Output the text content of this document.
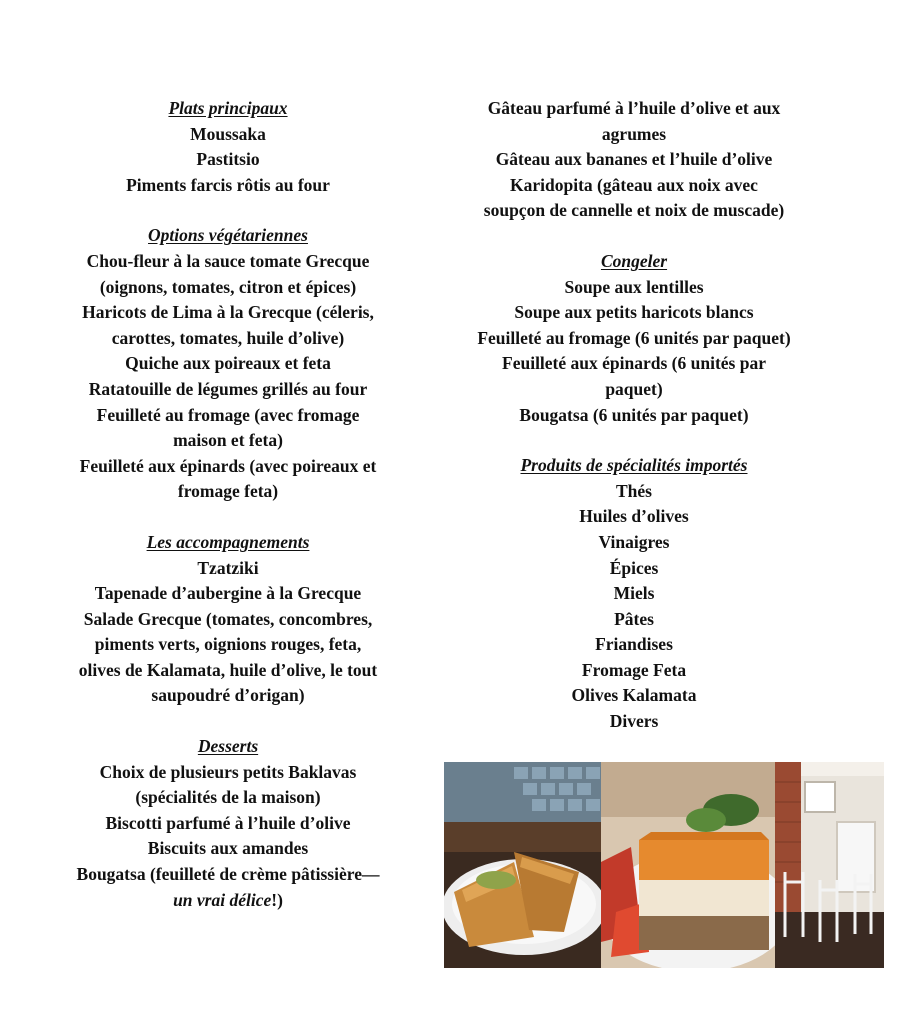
Plats principaux
Moussaka
Pastitsio
Piments farcis rôtis au four
Options végétariennes
Chou-fleur à la sauce tomate Grecque
(oignons, tomates, citron et épices)
Haricots de Lima à la Grecque (céleris,
carottes, tomates, huile d’olive)
Quiche aux poireaux et feta
Ratatouille de légumes grillés au four
Feuilleté au fromage (avec fromage
maison et feta)
Feuilleté aux épinards (avec poireaux et
fromage feta)
Les accompagnements
Tzatziki
Tapenade d’aubergine à la Grecque
Salade Grecque (tomates, concombres,
piments verts, oignions rouges, feta,
olives de Kalamata, huile d’olive, le tout
saupoudré d’origan)
Desserts
Choix de plusieurs petits Baklavas
(spécialités de la maison)
Biscotti parfumé à l’huile d’olive
Biscuits aux amandes
Bougatsa (feuilleté de crème pâtissière—
un vrai délice!)
Gâteau parfumé à l’huile d’olive et aux
agrumes
Gâteau aux bananes et l’huile d’olive
Karidopita (gâteau aux noix avec
soupçon de cannelle et noix de muscade)
Congeler
Soupe aux lentilles
Soupe aux petits haricots blancs
Feuilleté au fromage (6 unités par paquet)
Feuilleté aux épinards (6 unités par
paquet)
Bougatsa (6 unités par paquet)
Produits de spécialités importés
Thés
Huiles d’olives
Vinaigres
Épices
Miels
Pâtes
Friandises
Fromage Feta
Olives Kalamata
Divers
